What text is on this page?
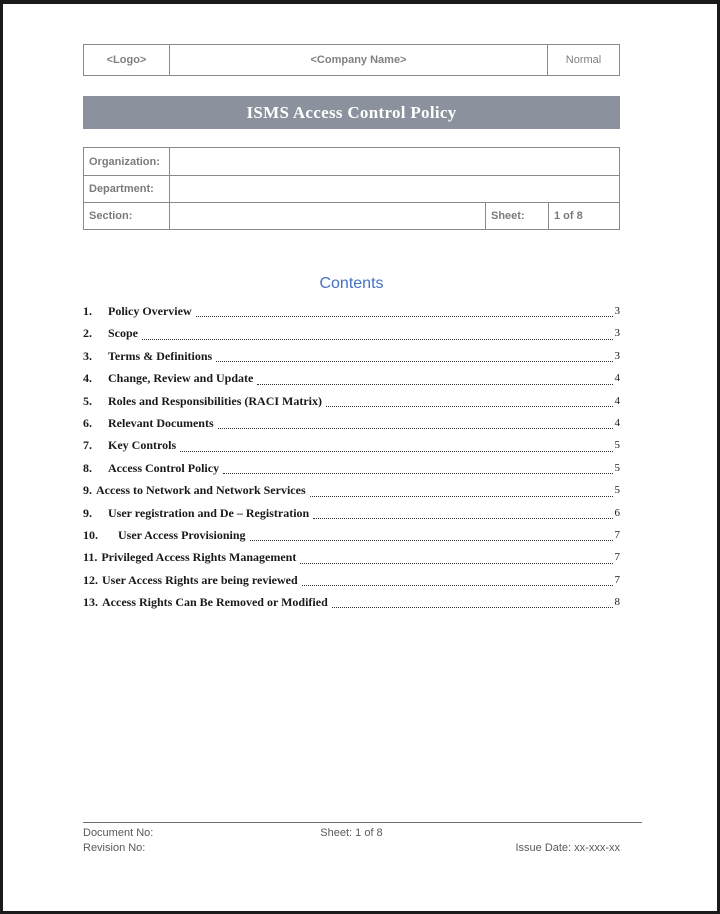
<Logo>	<Company Name>	Normal
ISMS Access Control Policy
Organization:
Department:
Section:	Sheet:	1 of 8
Contents
1.	Policy Overview	3
2.	Scope	3
3.	Terms & Definitions	3
4.	Change, Review and Update	4
5.	Roles and Responsibilities (RACI Matrix)	4
6.	Relevant Documents	4
7.	Key Controls	5
8.	Access Control Policy	5
9. Access to Network and Network Services	5
9.	User registration and De – Registration	6
10.	User Access Provisioning	7
11. Privileged Access Rights Management	7
12. User Access Rights are being reviewed	7
13. Access Rights Can Be Removed or Modified	8
Document No:	Sheet: 1 of 8
Revision No:	Issue Date: xx-xxx-xx
